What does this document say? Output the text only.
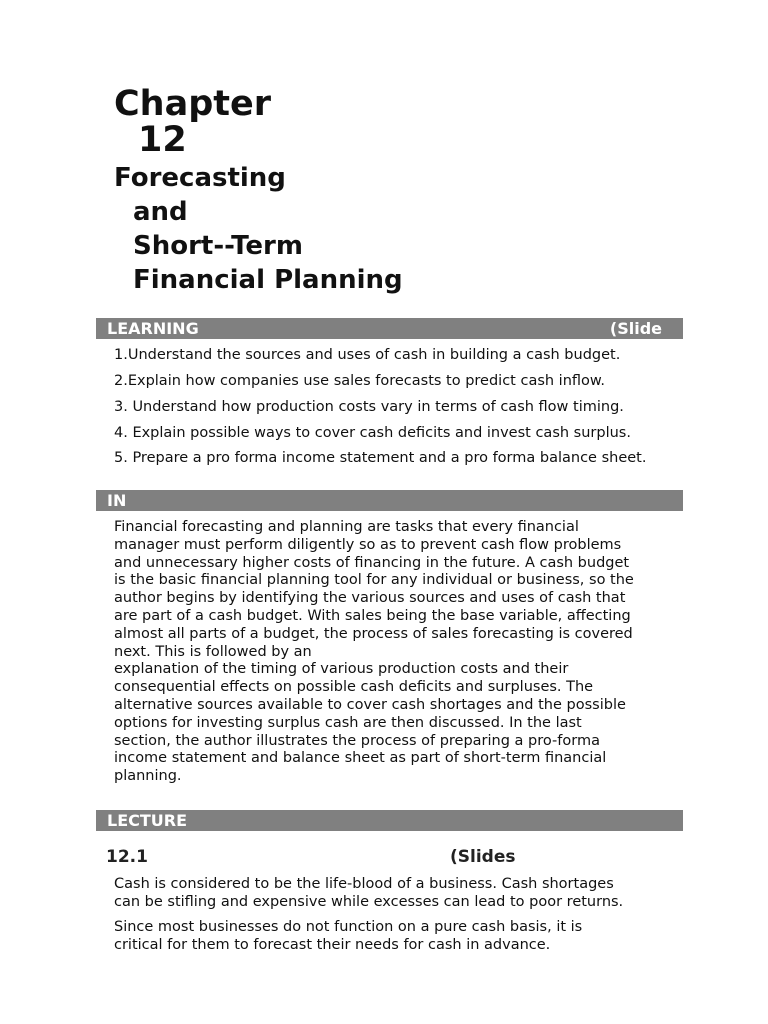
Chapter
12
Forecasting
and
Short--Term
Financial Planning
LEARNING	(Slide
1.Understand the sources and uses of cash in building a cash budget.
2.Explain how companies use sales forecasts to predict cash inflow.
3. Understand how production costs vary in terms of cash flow timing.
4. Explain possible ways to cover cash deficits and invest cash surplus.
5. Prepare a pro forma income statement and a pro forma balance sheet.
IN
Financial forecasting and planning are tasks that every financial
manager must perform diligently so as to prevent cash flow problems
and unnecessary higher costs of financing in the future. A cash budget
is the basic financial planning tool for any individual or business, so the
author begins by identifying the various sources and uses of cash that
are part of a cash budget. With sales being the base variable, affecting
almost all parts of a budget, the process of sales forecasting is covered
next. This is followed by an
explanation of the timing of various production costs and their
consequential effects on possible cash deficits and surpluses. The
alternative sources available to cover cash shortages and the possible
options for investing surplus cash are then discussed. In the last
section, the author illustrates the process of preparing a pro-forma
income statement and balance sheet as part of short-term financial
planning.
LECTURE
12.1	(Slides
Cash is considered to be the life-blood of a business. Cash shortages
can be stifling and expensive while excesses can lead to poor returns.
Since most businesses do not function on a pure cash basis, it is
critical for them to forecast their needs for cash in advance.
